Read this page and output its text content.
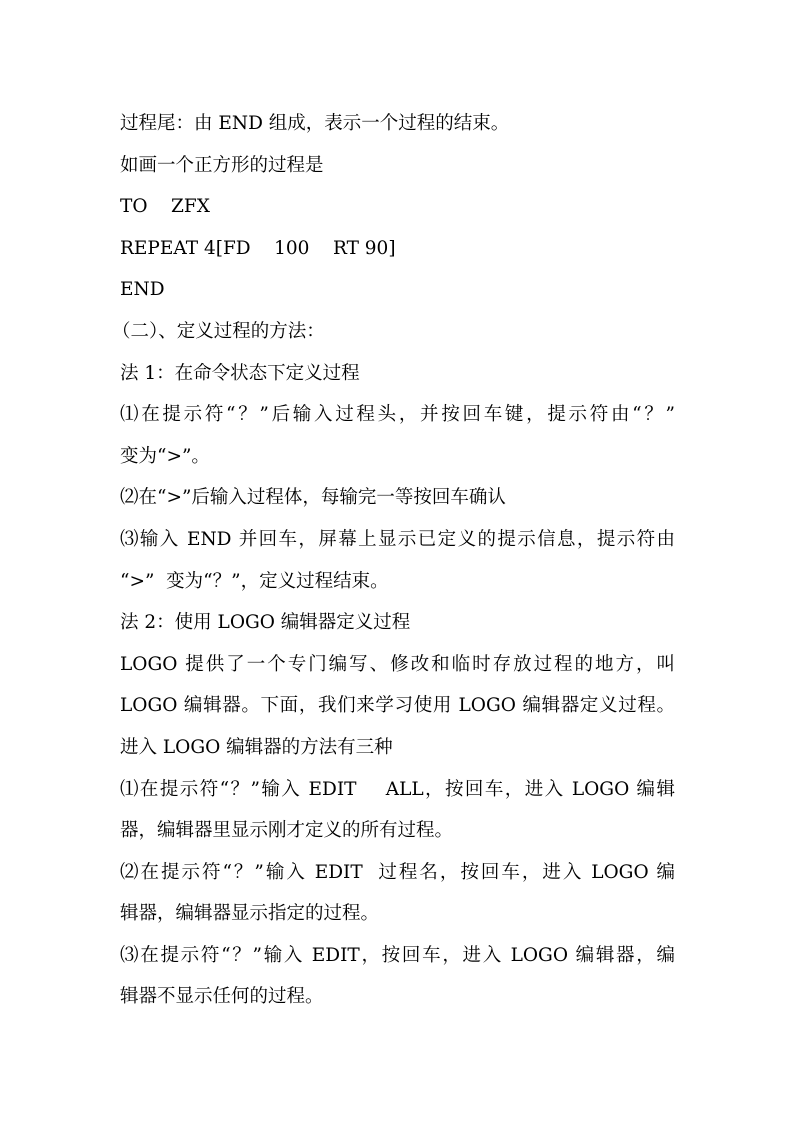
过程尾：由 END 组成，表示一个过程的结束。

如画一个正方形的过程是

TO    ZFX

REPEAT 4[FD    100    RT 90]

END

（二）、定义过程的方法：

法 1：在命令状态下定义过程

⑴在提示符“？”后输入过程头，并按回车键，提示符由“？”

变为“>”。

⑵在“>”后输入过程体，每输完一等按回车确认

⑶输入 END 并回车，屏幕上显示已定义的提示信息，提示符由

“>”  变为“？”，定义过程结束。

法 2：使用 LOGO 编辑器定义过程

LOGO 提供了一个专门编写、修改和临时存放过程的地方，叫

LOGO 编辑器。下面，我们来学习使用 LOGO 编辑器定义过程。

进入 LOGO 编辑器的方法有三种

⑴在提示符“？”输入 EDIT    ALL，按回车，进入 LOGO 编辑

器，编辑器里显示刚才定义的所有过程。

⑵在提示符“？”输入 EDIT  过程名，按回车，进入 LOGO 编

辑器，编辑器显示指定的过程。

⑶在提示符“？”输入 EDIT，按回车，进入 LOGO 编辑器，编

辑器不显示任何的过程。
